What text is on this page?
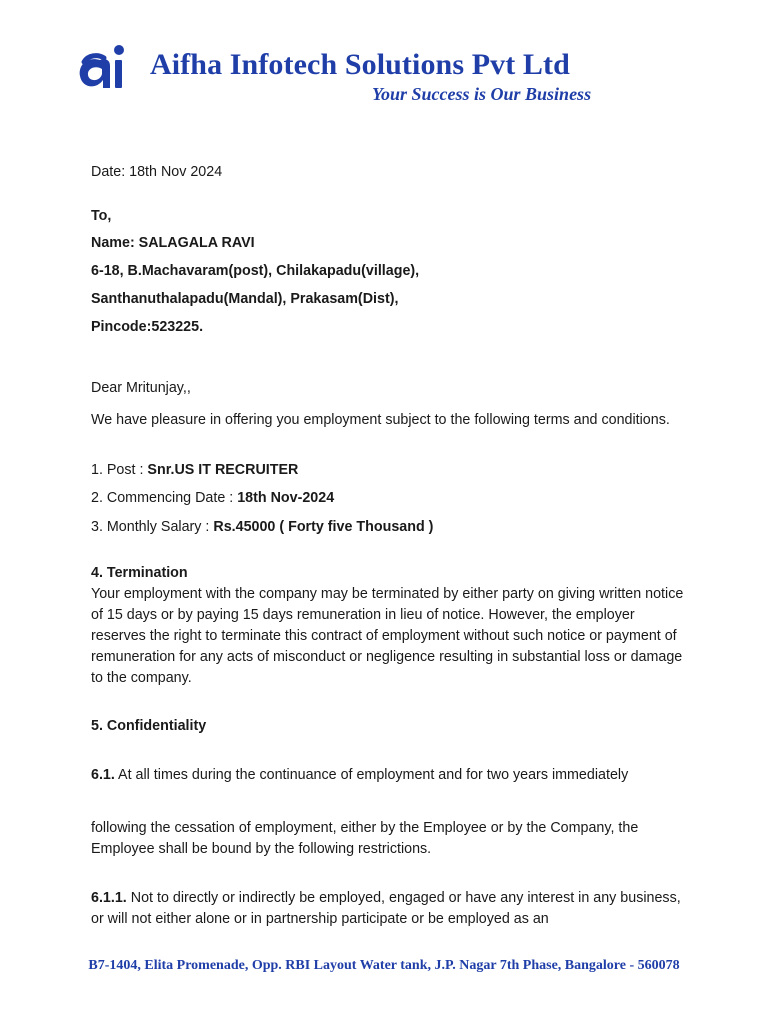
Aifha Infotech Solutions Pvt Ltd
Your Success is Our Business
Date: 18th Nov 2024
To,
Name: SALAGALA RAVI
6-18, B.Machavaram(post), Chilakapadu(village),
Santhanuthalapadu(Mandal), Prakasam(Dist),
Pincode:523225.
Dear Mritunjay,,
We have pleasure in offering you employment subject to the following terms and conditions.
1. Post : Snr.US IT RECRUITER
2. Commencing Date : 18th Nov-2024
3. Monthly Salary : Rs.45000 ( Forty five Thousand )
4. Termination
Your employment with the company may be terminated by either party on giving written notice of 15 days or by paying 15 days remuneration in lieu of notice. However, the employer reserves the right to terminate this contract of employment without such notice or payment of remuneration for any acts of misconduct or negligence resulting in substantial loss or damage to the company.
5. Confidentiality
6.1. At all times during the continuance of employment and for two years immediately
following the cessation of employment, either by the Employee or by the Company, the Employee shall be bound by the following restrictions.
6.1.1. Not to directly or indirectly be employed, engaged or have any interest in any business, or will not either alone or in partnership participate or be employed as an
B7-1404, Elita Promenade, Opp. RBI Layout Water tank, J.P. Nagar 7th Phase, Bangalore - 560078
